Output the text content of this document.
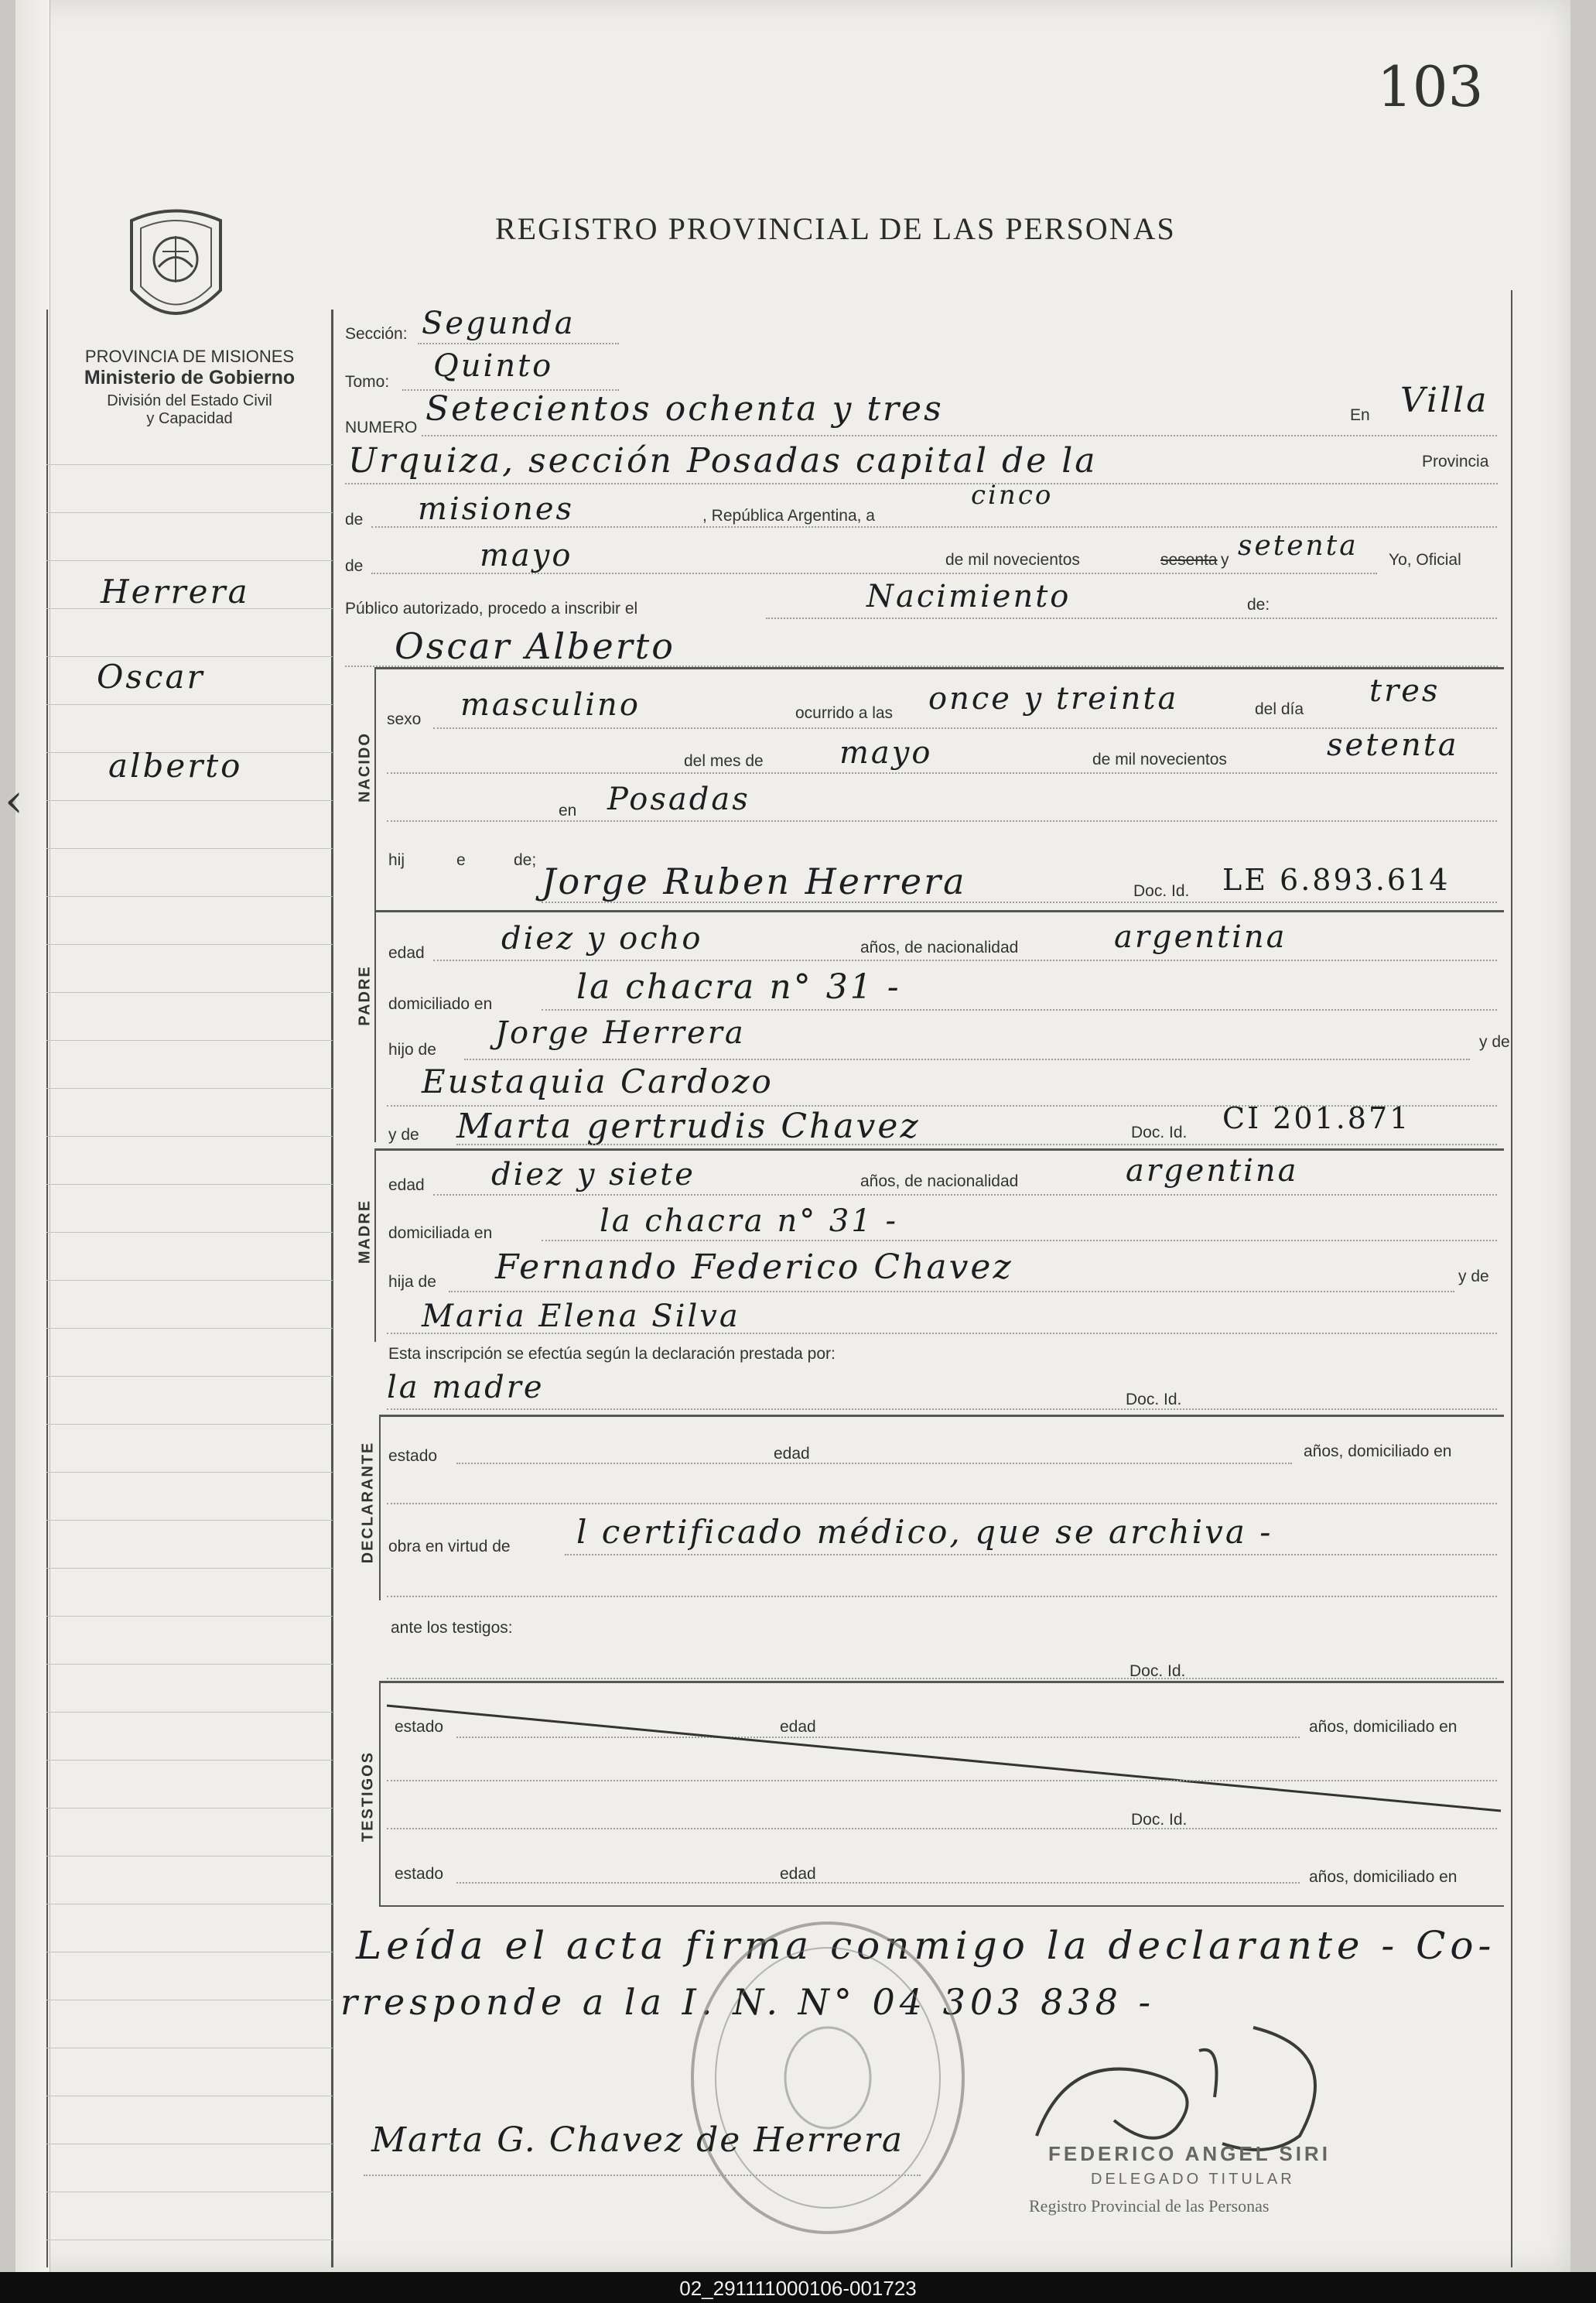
‹
103
REGISTRO PROVINCIAL DE LAS PERSONAS
PROVINCIA DE MISIONES
Ministerio de Gobierno
División del Estado Civil
y Capacidad
Herrera
Oscar
alberto
Sección: Segunda
Tomo: Quinto
NUMERO Setecientos ochenta y tres	En Villa
Urquiza, sección Posadas capital de la	Provincia
de misiones	, República Argentina, a
cinco
de	mayo	de mil novecientos	sesenta y setenta Yo, Oficial
Público autorizado, procedo a inscribir el	Nacimiento	de:
Oscar Alberto
NACIDO
sexo masculino	ocurrido a las once y treinta	del día
tres
del mes de mayo	de mil novecientos	setenta
en Posadas
hij	e	de;
Jorge Ruben Herrera	Doc. Id. LE 6.893.614
PADRE
edad diez y ocho	años, de nacionalidad	argentina
domiciliado en la chacra n° 31 -
hijo de Jorge Herrera	y de
Eustaquia Cardozo
y de Marta gertrudis Chavez	Doc. Id. CI 201.871
MADRE
edad diez y siete	años, de nacionalidad	argentina
domiciliada en	la chacra n° 31 -
hija de Fernando Federico Chavez	y de
Maria Elena Silva
Esta inscripción se efectúa según la declaración prestada por:
la madre	Doc. Id.
DECLARANTE estado	edad	años, domiciliado en
obra en virtud de l certificado médico, que se archiva -
ante los testigos:
Doc. Id.
TESTIGOS
estado	edad	años, domiciliado en
Doc. Id.
estado	edad	años, domiciliado en
Leída el acta firma conmigo la declarante - Co-
rresponde a la I. N. N° 04 303 838 -
Marta G. Chavez de Herrera	FEDERICO ANGEL SIRI
DELEGADO TITULAR
Registro Provincial de las Personas
02_291111000106-001723
